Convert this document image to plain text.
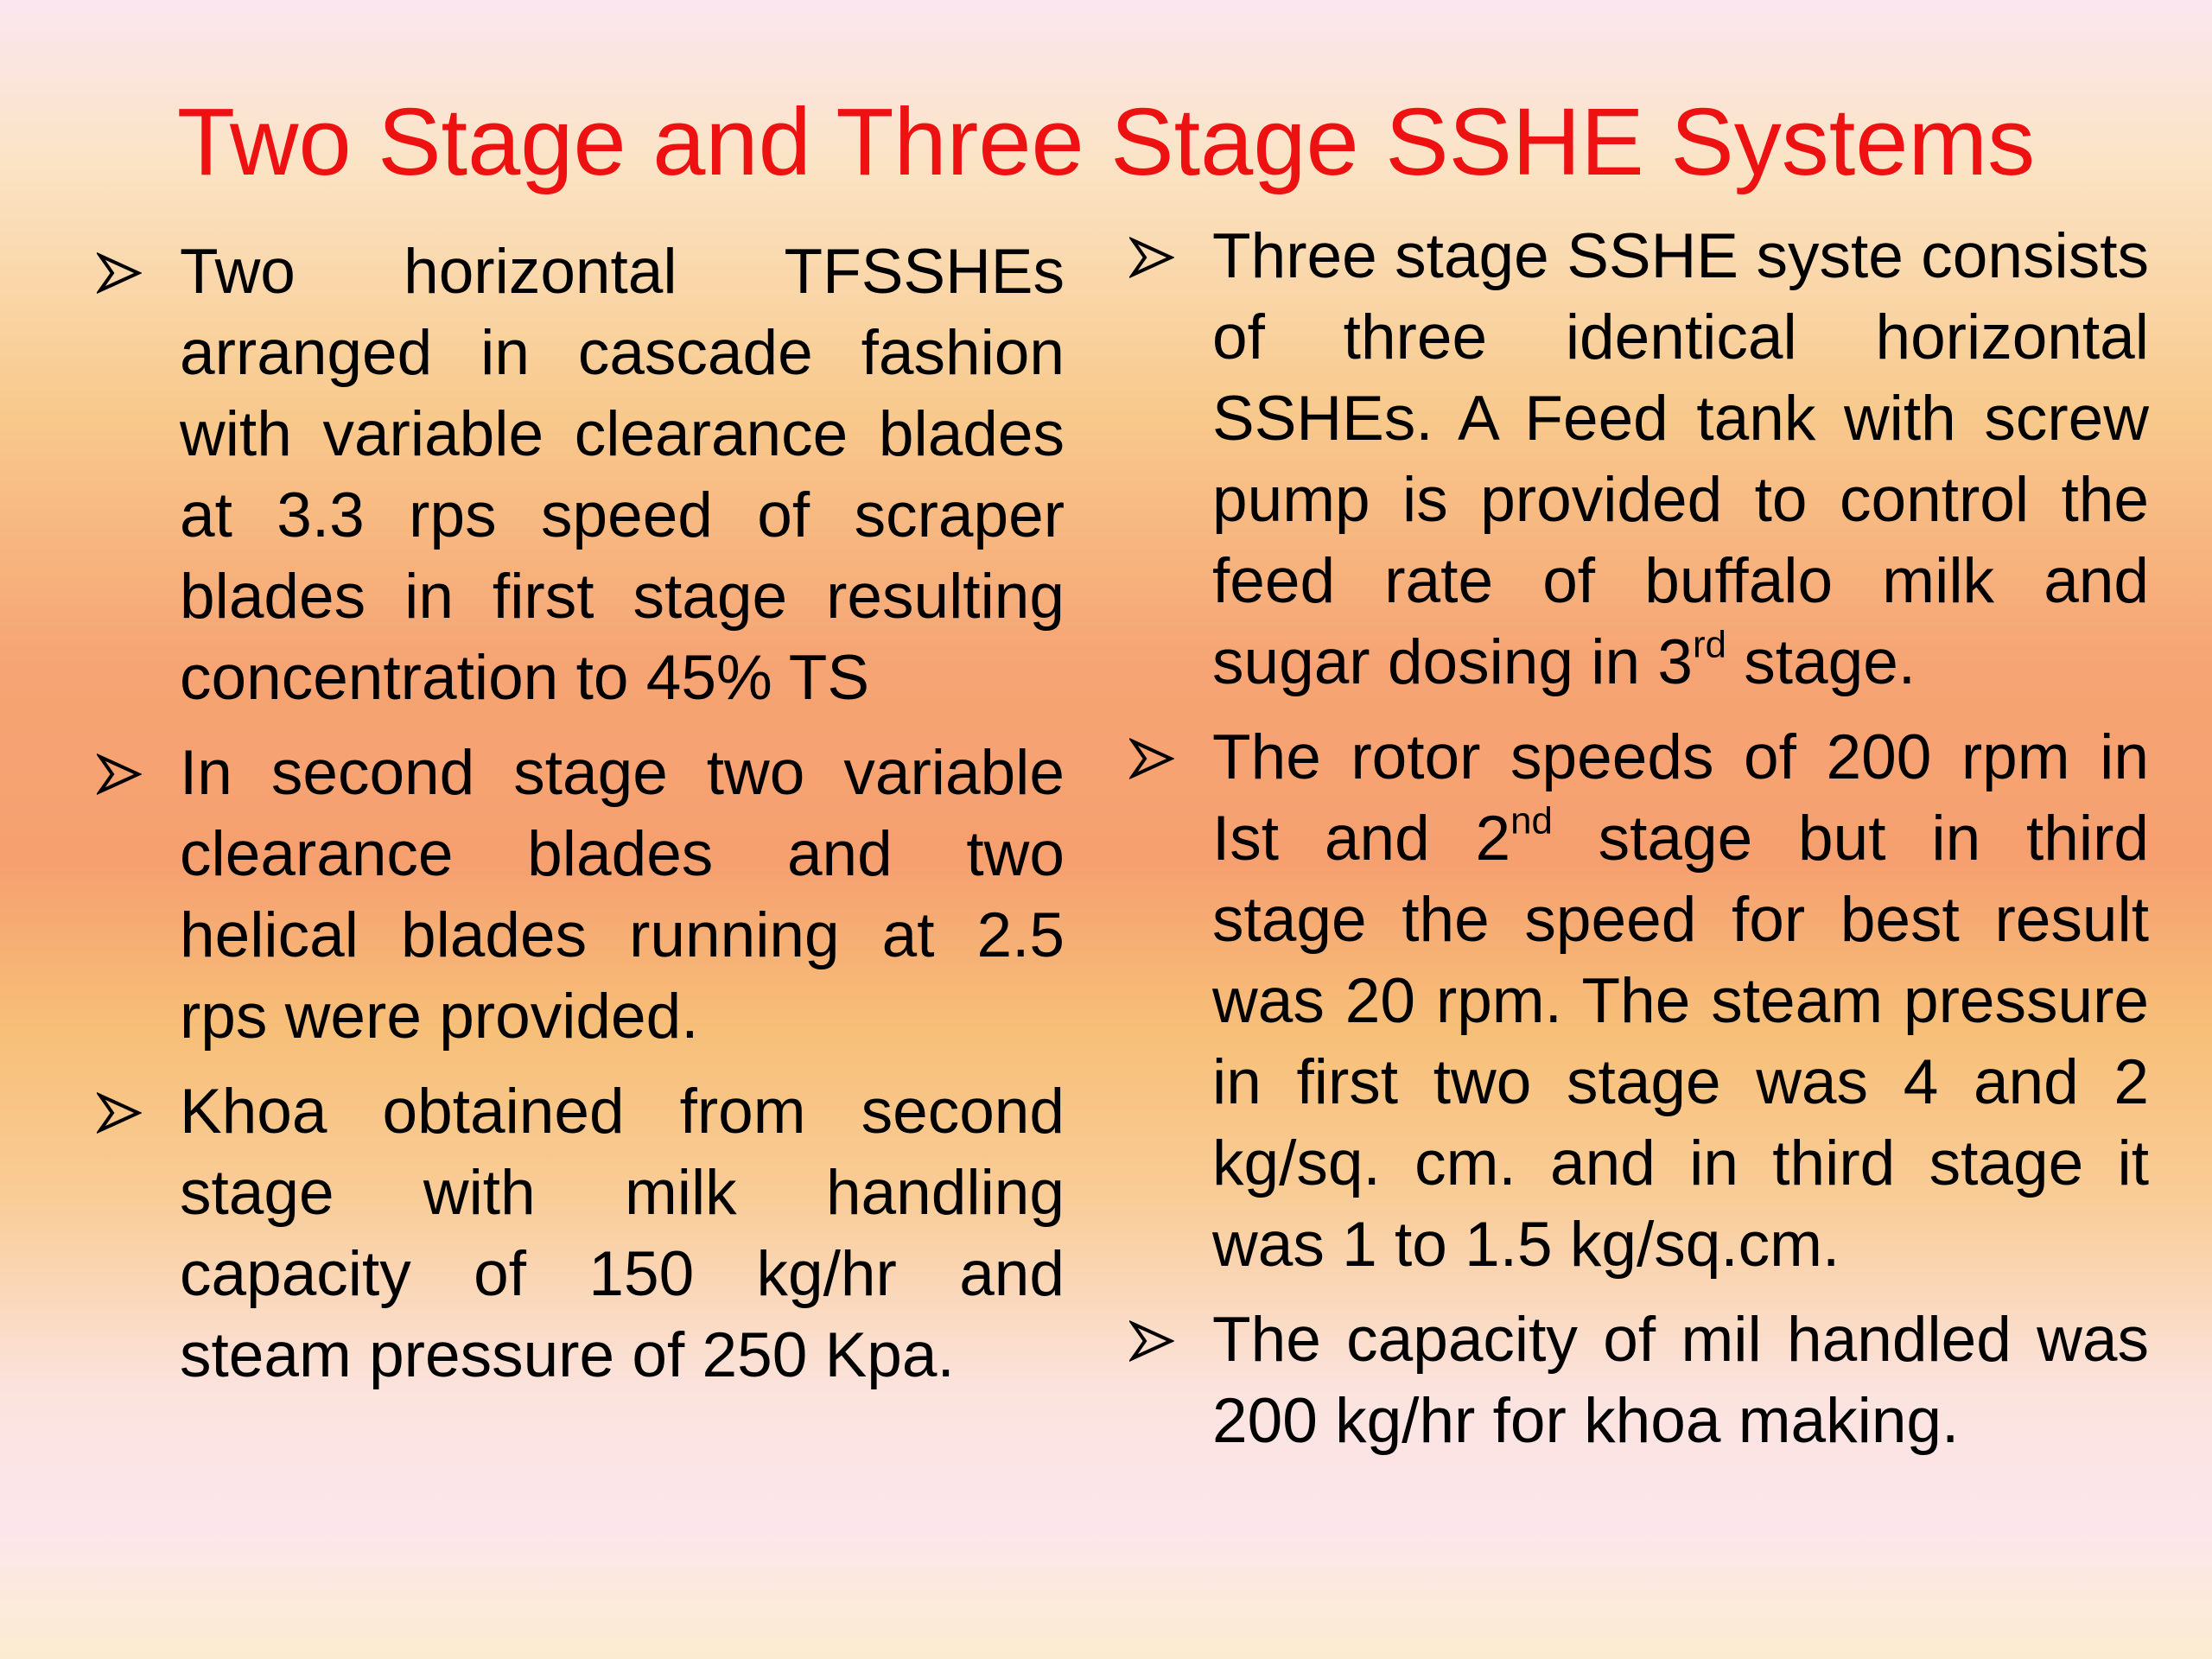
Two Stage and Three Stage SSHE Systems
Two horizontal TFSSHEs arranged in cascade fashion with variable clearance blades at 3.3 rps speed of scraper blades in first stage resulting concentration to 45% TS
In second stage two variable clearance blades and two helical blades running at 2.5 rps were provided.
Khoa obtained from second stage with milk handling capacity of 150 kg/hr and steam pressure of 250 Kpa.
Three stage SSHE syste consists of three identical horizontal SSHEs. A Feed tank with screw pump is provided to control the feed rate of buffalo milk and sugar dosing in 3rd stage.
The rotor speeds of 200 rpm in Ist and 2nd stage but in third stage the speed for best result was 20 rpm. The steam pressure in first two stage was 4 and 2 kg/sq. cm. and in third stage it was 1 to 1.5 kg/sq.cm.
The capacity of mil handled was 200 kg/hr for khoa making.
